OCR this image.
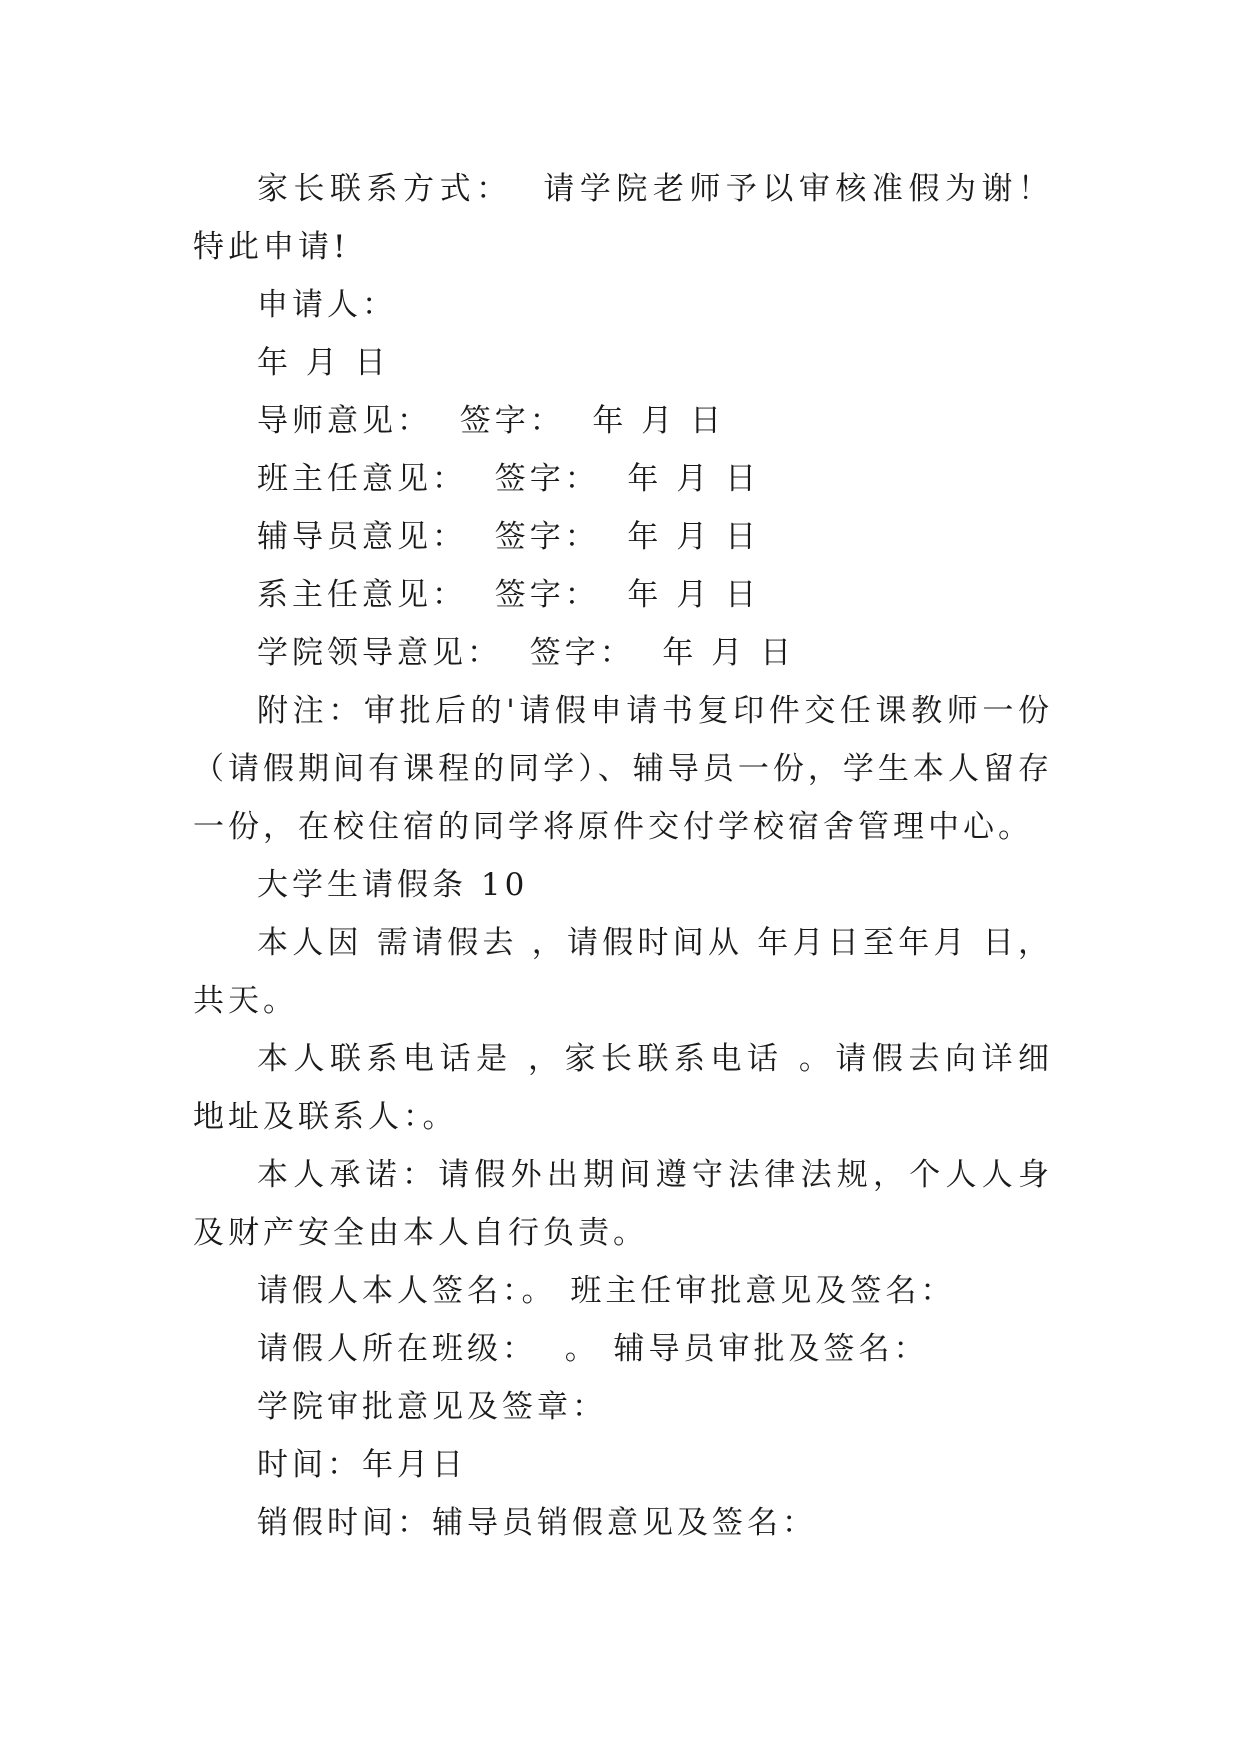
家长联系方式：  请学院老师予以审核准假为谢！特此申请!

申请人：

年 月 日

导师意见：  签字：  年 月 日

班主任意见：  签字：  年 月 日

辅导员意见：  签字：  年 月 日

系主任意见：  签字：  年 月 日

学院领导意见：  签字：  年 月 日

附注：审批后的'请假申请书复印件交任课教师一份（请假期间有课程的同学）、辅导员一份，学生本人留存一份，在校住宿的同学将原件交付学校宿舍管理中心。

大学生请假条 10

本人因 需请假去 ，请假时间从 年月日至年月 日，共天。

本人联系电话是 ，家长联系电话 。请假去向详细地址及联系人：。

本人承诺：请假外出期间遵守法律法规，个人人身及财产安全由本人自行负责。

请假人本人签名：。 班主任审批意见及签名：

请假人所在班级：  。 辅导员审批及签名：

学院审批意见及签章：

时间：年月日

销假时间：辅导员销假意见及签名：
